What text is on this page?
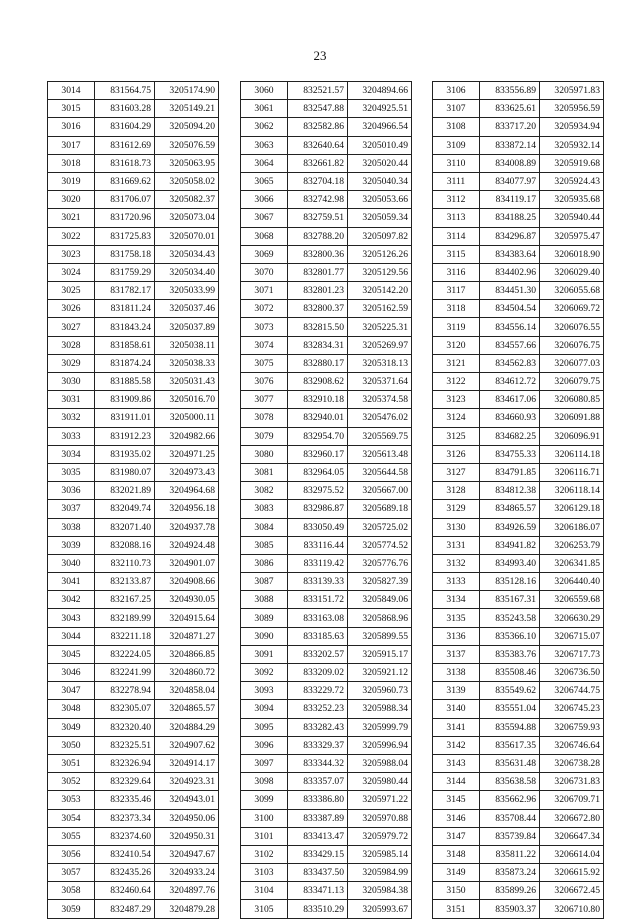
23
3014	831564.75	3205174.90
3015	831603.28	3205149.21
3016	831604.29	3205094.20
3017	831612.69	3205076.59
3018	831618.73	3205063.95
3019	831669.62	3205058.02
3020	831706.07	3205082.37
3021	831720.96	3205073.04
3022	831725.83	3205070.01
3023	831758.18	3205034.43
3024	831759.29	3205034.40
3025	831782.17	3205033.99
3026	831811.24	3205037.46
3027	831843.24	3205037.89
3028	831858.61	3205038.11
3029	831874.24	3205038.33
3030	831885.58	3205031.43
3031	831909.86	3205016.70
3032	831911.01	3205000.11
3033	831912.23	3204982.66
3034	831935.02	3204971.25
3035	831980.07	3204973.43
3036	832021.89	3204964.68
3037	832049.74	3204956.18
3038	832071.40	3204937.78
3039	832088.16	3204924.48
3040	832110.73	3204901.07
3041	832133.87	3204908.66
3042	832167.25	3204930.05
3043	832189.99	3204915.64
3044	832211.18	3204871.27
3045	832224.05	3204866.85
3046	832241.99	3204860.72
3047	832278.94	3204858.04
3048	832305.07	3204865.57
3049	832320.40	3204884.29
3050	832325.51	3204907.62
3051	832326.94	3204914.17
3052	832329.64	3204923.31
3053	832335.46	3204943.01
3054	832373.34	3204950.06
3055	832374.60	3204950.31
3056	832410.54	3204947.67
3057	832435.26	3204933.24
3058	832460.64	3204897.76
3059	832487.29	3204879.28
3060	832521.57	3204894.66
3061	832547.88	3204925.51
3062	832582.86	3204966.54
3063	832640.64	3205010.49
3064	832661.82	3205020.44
3065	832704.18	3205040.34
3066	832742.98	3205053.66
3067	832759.51	3205059.34
3068	832788.20	3205097.82
3069	832800.36	3205126.26
3070	832801.77	3205129.56
3071	832801.23	3205142.20
3072	832800.37	3205162.59
3073	832815.50	3205225.31
3074	832834.31	3205269.97
3075	832880.17	3205318.13
3076	832908.62	3205371.64
3077	832910.18	3205374.58
3078	832940.01	3205476.02
3079	832954.70	3205569.75
3080	832960.17	3205613.48
3081	832964.05	3205644.58
3082	832975.52	3205667.00
3083	832986.87	3205689.18
3084	833050.49	3205725.02
3085	833116.44	3205774.52
3086	833119.42	3205776.76
3087	833139.33	3205827.39
3088	833151.72	3205849.06
3089	833163.08	3205868.96
3090	833185.63	3205899.55
3091	833202.57	3205915.17
3092	833209.02	3205921.12
3093	833229.72	3205960.73
3094	833252.23	3205988.34
3095	833282.43	3205999.79
3096	833329.37	3205996.94
3097	833344.32	3205988.04
3098	833357.07	3205980.44
3099	833386.80	3205971.22
3100	833387.89	3205970.88
3101	833413.47	3205979.72
3102	833429.15	3205985.14
3103	833437.50	3205984.99
3104	833471.13	3205984.38
3105	833510.29	3205993.67
3106	833556.89	3205971.83
3107	833625.61	3205956.59
3108	833717.20	3205934.94
3109	833872.14	3205932.14
3110	834008.89	3205919.68
3111	834077.97	3205924.43
3112	834119.17	3205935.68
3113	834188.25	3205940.44
3114	834296.87	3205975.47
3115	834383.64	3206018.90
3116	834402.96	3206029.40
3117	834451.30	3206055.68
3118	834504.54	3206069.72
3119	834556.14	3206076.55
3120	834557.66	3206076.75
3121	834562.83	3206077.03
3122	834612.72	3206079.75
3123	834617.06	3206080.85
3124	834660.93	3206091.88
3125	834682.25	3206096.91
3126	834755.33	3206114.18
3127	834791.85	3206116.71
3128	834812.38	3206118.14
3129	834865.57	3206129.18
3130	834926.59	3206186.07
3131	834941.82	3206253.79
3132	834993.40	3206341.85
3133	835128.16	3206440.40
3134	835167.31	3206559.68
3135	835243.58	3206630.29
3136	835366.10	3206715.07
3137	835383.76	3206717.73
3138	835508.46	3206736.50
3139	835549.62	3206744.75
3140	835551.04	3206745.23
3141	835594.88	3206759.93
3142	835617.35	3206746.64
3143	835631.48	3206738.28
3144	835638.58	3206731.83
3145	835662.96	3206709.71
3146	835708.44	3206672.80
3147	835739.84	3206647.34
3148	835811.22	3206614.04
3149	835873.24	3206615.92
3150	835899.26	3206672.45
3151	835903.37	3206710.80
